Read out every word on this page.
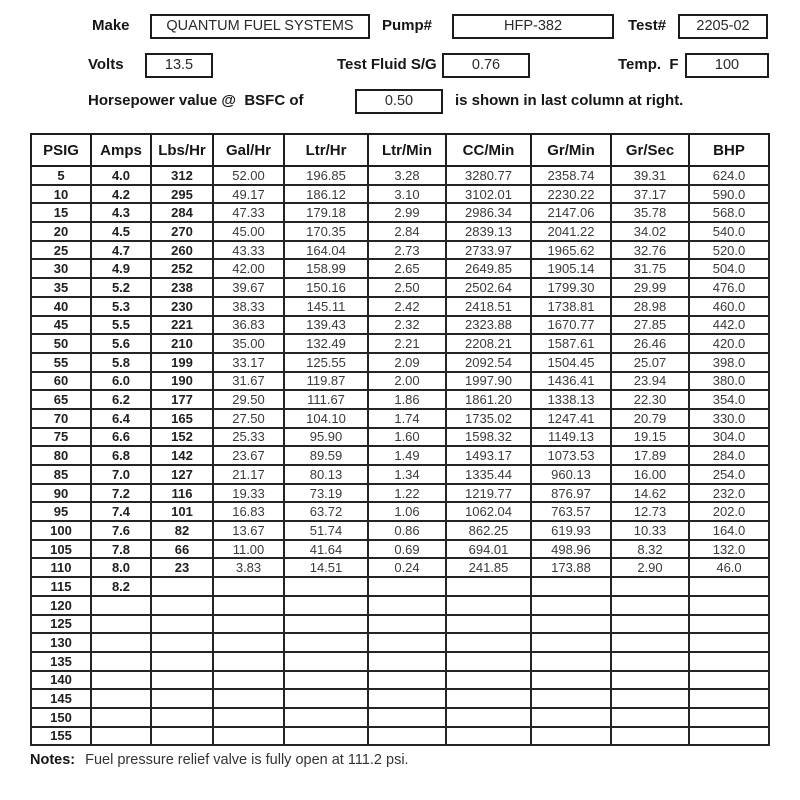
Make	QUANTUM FUEL SYSTEMS	Pump#	HFP-382	Test#	2205-02
Volts	13.5	Test Fluid S/G	0.76	Temp.  F	100
Horsepower value @  BSFC of	0.50	is shown in last column at right.
PSIG	Amps	Lbs/Hr	Gal/Hr	Ltr/Hr	Ltr/Min	CC/Min	Gr/Min	Gr/Sec	BHP
5	4.0	312	52.00	196.85	3.28	3280.77	2358.74	39.31	624.0
10	4.2	295	49.17	186.12	3.10	3102.01	2230.22	37.17	590.0
15	4.3	284	47.33	179.18	2.99	2986.34	2147.06	35.78	568.0
20	4.5	270	45.00	170.35	2.84	2839.13	2041.22	34.02	540.0
25	4.7	260	43.33	164.04	2.73	2733.97	1965.62	32.76	520.0
30	4.9	252	42.00	158.99	2.65	2649.85	1905.14	31.75	504.0
35	5.2	238	39.67	150.16	2.50	2502.64	1799.30	29.99	476.0
40	5.3	230	38.33	145.11	2.42	2418.51	1738.81	28.98	460.0
45	5.5	221	36.83	139.43	2.32	2323.88	1670.77	27.85	442.0
50	5.6	210	35.00	132.49	2.21	2208.21	1587.61	26.46	420.0
55	5.8	199	33.17	125.55	2.09	2092.54	1504.45	25.07	398.0
60	6.0	190	31.67	119.87	2.00	1997.90	1436.41	23.94	380.0
65	6.2	177	29.50	111.67	1.86	1861.20	1338.13	22.30	354.0
70	6.4	165	27.50	104.10	1.74	1735.02	1247.41	20.79	330.0
75	6.6	152	25.33	95.90	1.60	1598.32	1149.13	19.15	304.0
80	6.8	142	23.67	89.59	1.49	1493.17	1073.53	17.89	284.0
85	7.0	127	21.17	80.13	1.34	1335.44	960.13	16.00	254.0
90	7.2	116	19.33	73.19	1.22	1219.77	876.97	14.62	232.0
95	7.4	101	16.83	63.72	1.06	1062.04	763.57	12.73	202.0
100	7.6	82	13.67	51.74	0.86	862.25	619.93	10.33	164.0
105	7.8	66	11.00	41.64	0.69	694.01	498.96	8.32	132.0
110	8.0	23	3.83	14.51	0.24	241.85	173.88	2.90	46.0
115	8.2								
120									
125									
130									
135									
140									
145									
150									
155									
Notes: Fuel pressure relief valve is fully open at 111.2 psi.
